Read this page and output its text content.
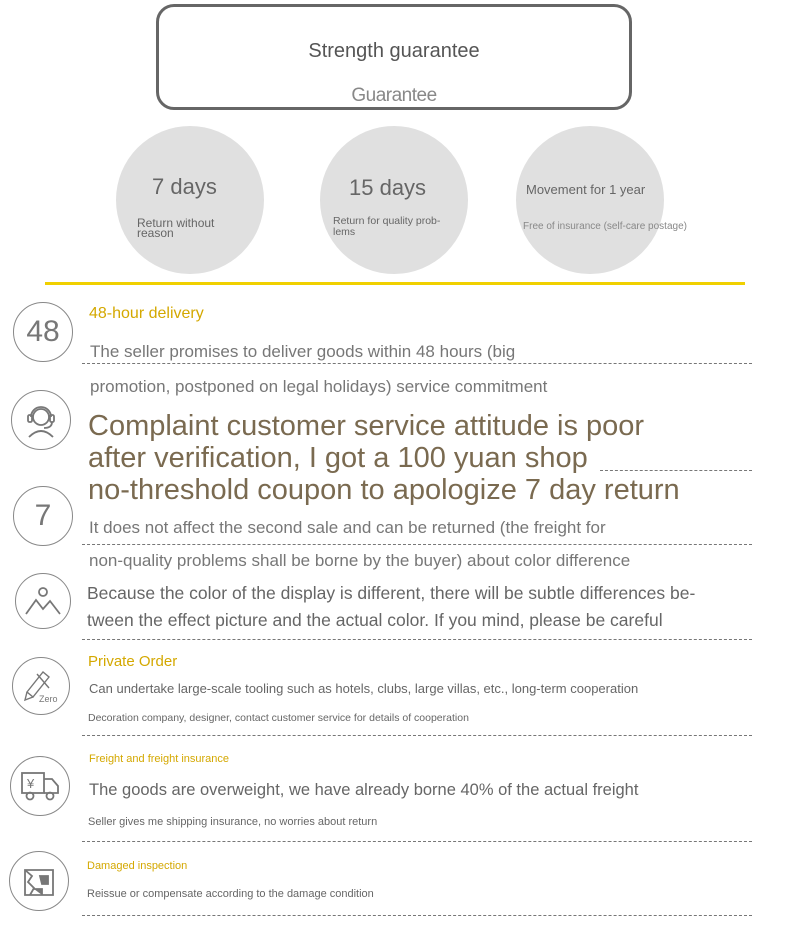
Strength guarantee
Guarantee
7 days
Return without
reason
15 days
Return for quality prob-
lems
Movement for 1 year
Free of insurance (self-care postage)
48
48-hour delivery
The seller promises to deliver goods within 48 hours (big
promotion, postponed on legal holidays) service commitment
Complaint customer service attitude is poor
after verification, I got a 100 yuan shop
no-threshold coupon to apologize 7 day return
7 It does not affect the second sale and can be returned (the freight for
non-quality problems shall be borne by the buyer) about color difference
Because the color of the display is different, there will be subtle differences be-
tween the effect picture and the actual color. If you mind, please be careful
Zero
Private Order
Can undertake large-scale tooling such as hotels, clubs, large villas, etc., long-term cooperation
Decoration company, designer, contact customer service for details of cooperation
¥
Freight and freight insurance
The goods are overweight, we have already borne 40% of the actual freight
Seller gives me shipping insurance, no worries about return
Damaged inspection
Reissue or compensate according to the damage condition
